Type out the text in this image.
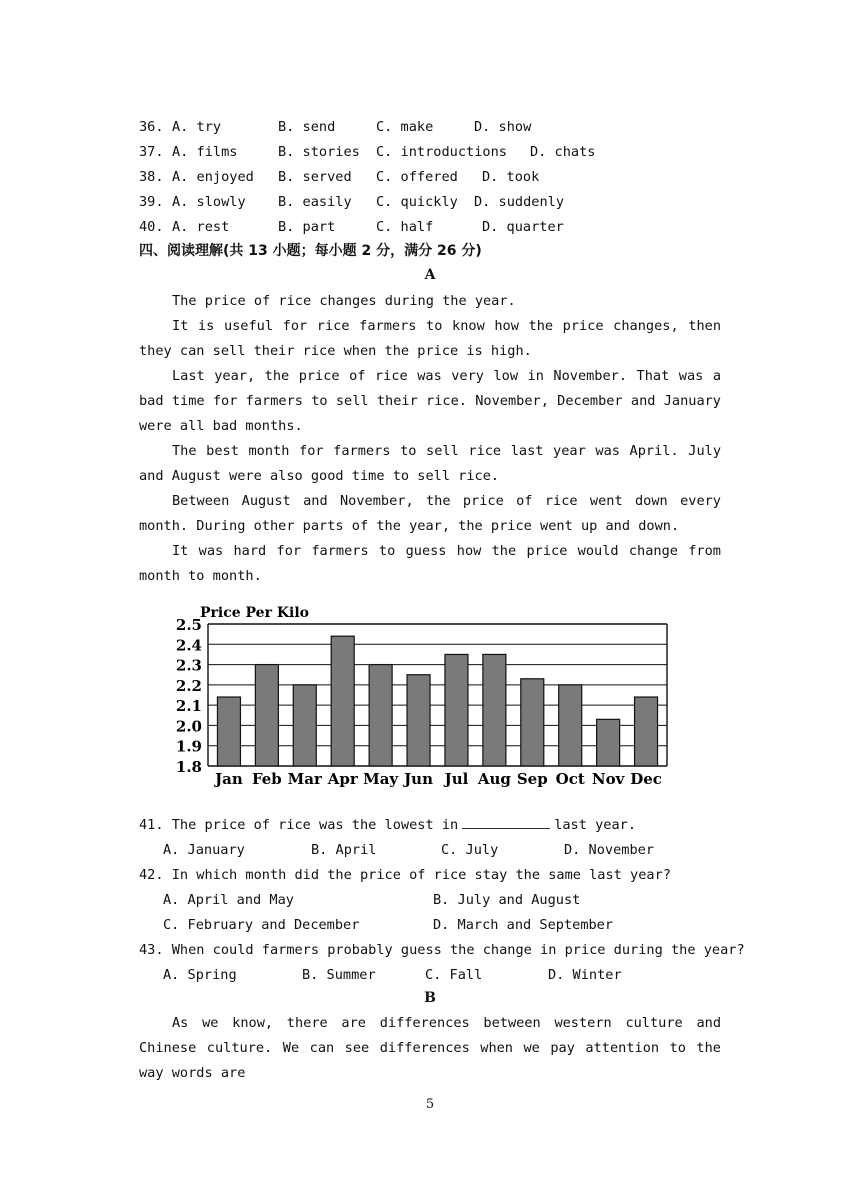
36. A. try	B. send	C. make	D. show
37. A. films	B. stories C. introductions D. chats
38. A. enjoyed B. served C. offered D. took
39. A. slowly B. easily C. quickly D. suddenly
40. A. rest	B. part	C. half	D. quarter
四、阅读理解(共 13 小题；每小题 2 分，满分 26 分)
A

The price of rice changes during the year.

It is useful for rice farmers to know how the price changes, then they can sell their rice when the price is high.

Last year, the price of rice was very low in November. That was a bad time for farmers to sell their rice. November, December and January were all bad months.

The best month for farmers to sell rice last year was April. July and August were also good time to sell rice.

Between August and November, the price of rice went down every month. During other parts of the year, the price went up and down.

It was hard for farmers to guess how the price would change from month to month.

Price Per Kilo
2.5
2.4
2.3
2.2
2.1
2.0
1.9
1.8
Jan Feb Mar Apr May Jun Jul Aug Sep Oct Nov Dec
41. The price of rice was the lowest in	last year.
A. January	B. April	C. July	D. November
42. In which month did the price of rice stay the same last year?
A. April and May	B. July and August
C. February and December	D. March and September
43. When could farmers probably guess the change in price during the year?
A. Spring	B. Summer	C. Fall	D. Winter
B

As we know, there are differences between western culture and Chinese culture. We can see differences when we pay attention to the way words are

5
